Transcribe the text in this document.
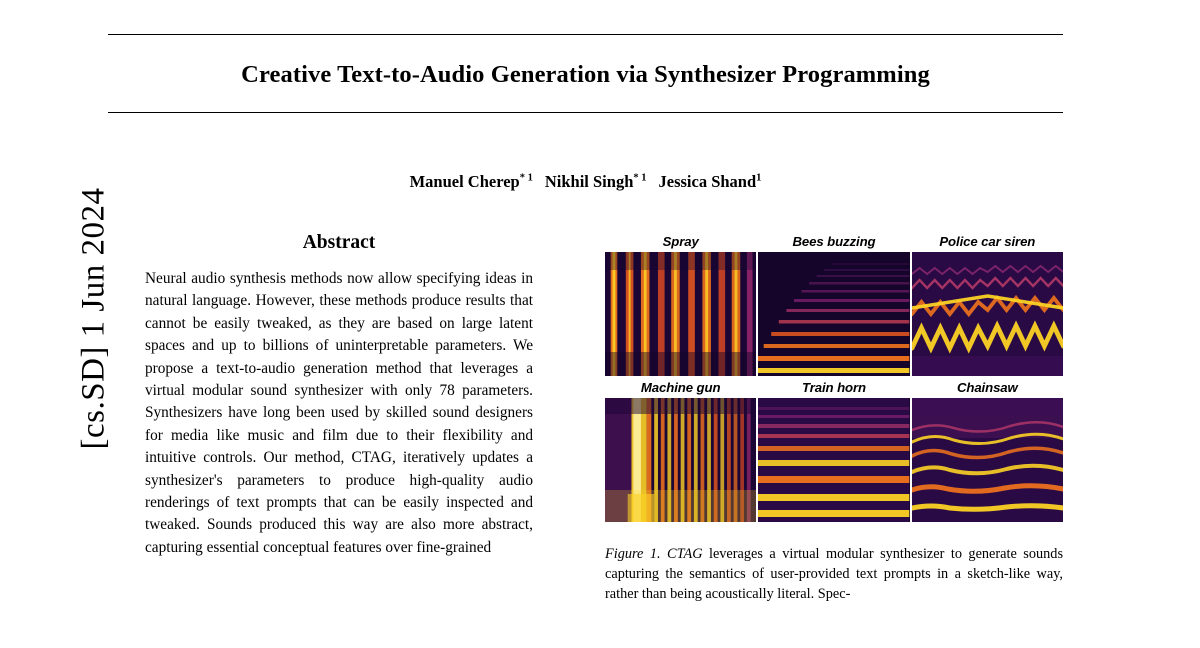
[cs.SD] 1 Jun 2024
Creative Text-to-Audio Generation via Synthesizer Programming
Manuel Cherep$^{* 1}$ Nikhil Singh$^{* 1}$ Jessica Shand$^1$
Abstract
Neural audio synthesis methods now allow specifying ideas in natural language. However, these methods produce results that cannot be easily tweaked, as they are based on large latent spaces and up to billions of uninterpretable parameters. We propose a text-to-audio generation method that leverages a virtual modular sound synthesizer with only 78 parameters. Synthesizers have long been used by skilled sound designers for media like music and film due to their flexibility and intuitive controls. Our method, CTAG, iteratively updates a synthesizer's parameters to produce high-quality audio renderings of text prompts that can be easily inspected and tweaked. Sounds produced this way are also more abstract, capturing essential conceptual features over fine-grained
Spray	Bees buzzing	Police car siren
Machine gun	Train horn	Chainsaw
Figure 1. CTAG leverages a virtual modular synthesizer to generate sounds capturing the semantics of user-provided text prompts in a sketch-like way, rather than being acoustically literal. Spec-
